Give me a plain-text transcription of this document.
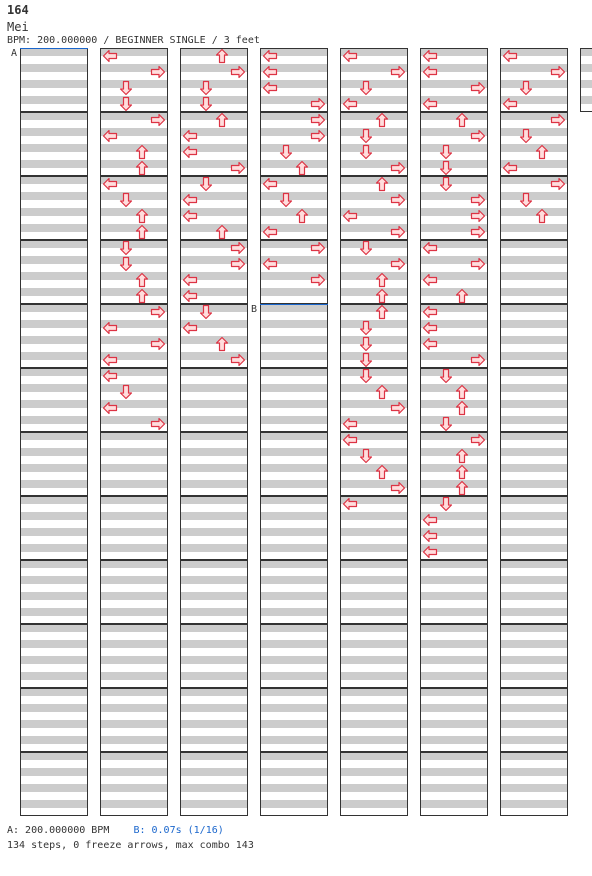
164
Mei
BPM: 200.000000 / BEGINNER SINGLE / 3 feet
A
B
A: 200.000000 BPM B: 0.07s (1/16)
134 steps, 0 freeze arrows, max combo 143
